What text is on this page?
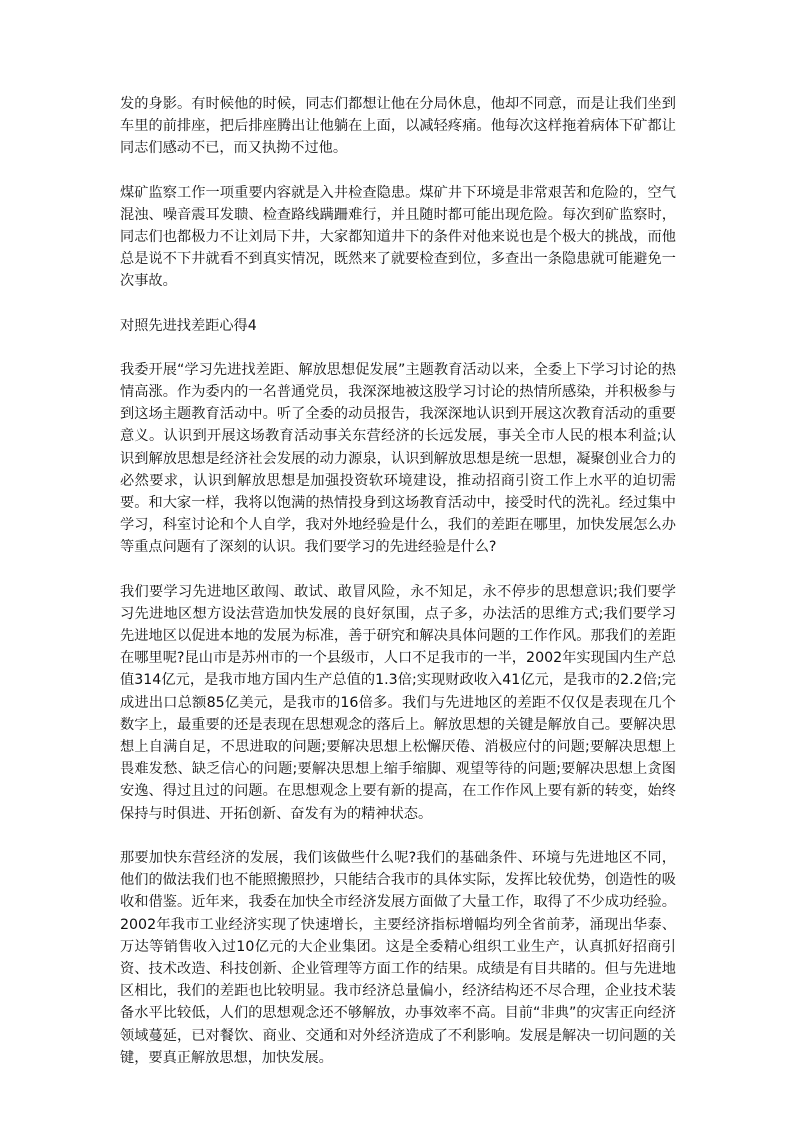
发的身影。有时候他的时候，同志们都想让他在分局休息，他却不同意，而是让我们坐到车里的前排座，把后排座腾出让他躺在上面，以减轻疼痛。他每次这样拖着病体下矿都让同志们感动不已，而又执拗不过他。

煤矿监察工作一项重要内容就是入井检查隐患。煤矿井下环境是非常艰苦和危险的，空气混浊、噪音震耳发聩、检查路线蹒跚难行，并且随时都可能出现危险。每次到矿监察时，同志们也都极力不让刘局下井，大家都知道井下的条件对他来说也是个极大的挑战，而他总是说不下井就看不到真实情况，既然来了就要检查到位，多查出一条隐患就可能避免一次事故。

对照先进找差距心得4

我委开展“学习先进找差距、解放思想促发展”主题教育活动以来，全委上下学习讨论的热情高涨。作为委内的一名普通党员，我深深地被这股学习讨论的热情所感染，并积极参与到这场主题教育活动中。听了全委的动员报告，我深深地认识到开展这次教育活动的重要意义。认识到开展这场教育活动事关东营经济的长远发展，事关全市人民的根本利益;认识到解放思想是经济社会发展的动力源泉，认识到解放思想是统一思想，凝聚创业合力的必然要求，认识到解放思想是加强投资软环境建设，推动招商引资工作上水平的迫切需要。和大家一样，我将以饱满的热情投身到这场教育活动中，接受时代的洗礼。经过集中学习，科室讨论和个人自学，我对外地经验是什么，我们的差距在哪里，加快发展怎么办等重点问题有了深刻的认识。我们要学习的先进经验是什么?

我们要学习先进地区敢闯、敢试、敢冒风险，永不知足，永不停步的思想意识;我们要学习先进地区想方设法营造加快发展的良好氛围，点子多，办法活的思维方式;我们要学习先进地区以促进本地的发展为标准，善于研究和解决具体问题的工作作风。那我们的差距在哪里呢?昆山市是苏州市的一个县级市，人口不足我市的一半，2002年实现国内生产总值314亿元，是我市地方国内生产总值的1.3倍;实现财政收入41亿元，是我市的2.2倍;完成进出口总额85亿美元，是我市的16倍多。我们与先进地区的差距不仅仅是表现在几个数字上，最重要的还是表现在思想观念的落后上。解放思想的关键是解放自己。要解决思想上自满自足，不思进取的问题;要解决思想上松懈厌倦、消极应付的问题;要解决思想上畏难发愁、缺乏信心的问题;要解决思想上缩手缩脚、观望等待的问题;要解决思想上贪图安逸、得过且过的问题。在思想观念上要有新的提高，在工作作风上要有新的转变，始终保持与时俱进、开拓创新、奋发有为的精神状态。

那要加快东营经济的发展，我们该做些什么呢?我们的基础条件、环境与先进地区不同，他们的做法我们也不能照搬照抄，只能结合我市的具体实际，发挥比较优势，创造性的吸收和借鉴。近年来，我委在加快全市经济发展方面做了大量工作，取得了不少成功经验。2002年我市工业经济实现了快速增长，主要经济指标增幅均列全省前茅，涌现出华泰、万达等销售收入过10亿元的大企业集团。这是全委精心组织工业生产，认真抓好招商引资、技术改造、科技创新、企业管理等方面工作的结果。成绩是有目共睹的。但与先进地区相比，我们的差距也比较明显。我市经济总量偏小，经济结构还不尽合理，企业技术装备水平比较低，人们的思想观念还不够解放，办事效率不高。目前“非典”的灾害正向经济领域蔓延，已对餐饮、商业、交通和对外经济造成了不利影响。发展是解决一切问题的关键，要真正解放思想，加快发展。
